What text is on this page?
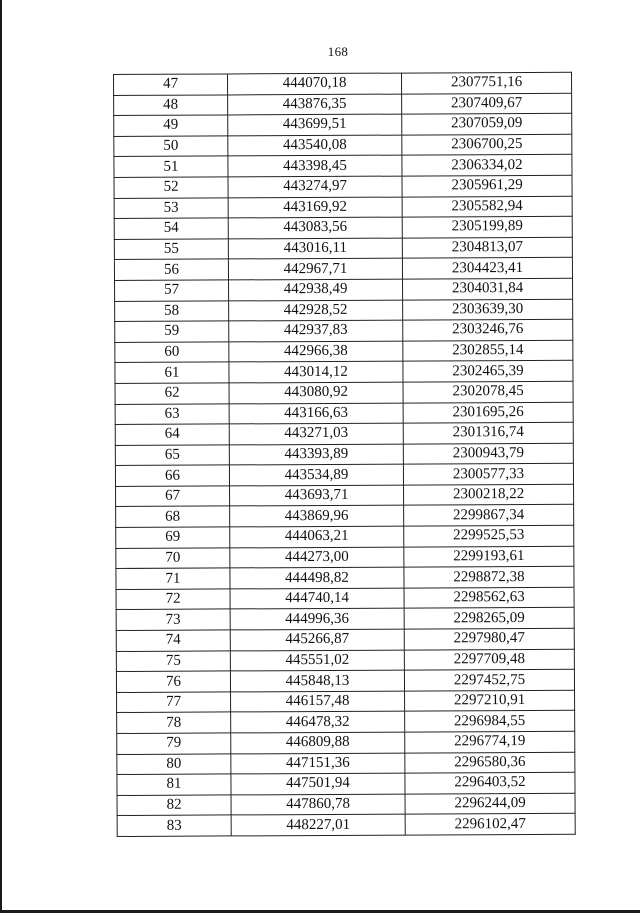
168
47	444070,18	2307751,16
48	443876,35	2307409,67
49	443699,51	2307059,09
50	443540,08	2306700,25
51	443398,45	2306334,02
52	443274,97	2305961,29
53	443169,92	2305582,94
54	443083,56	2305199,89
55	443016,11	2304813,07
56	442967,71	2304423,41
57	442938,49	2304031,84
58	442928,52	2303639,30
59	442937,83	2303246,76
60	442966,38	2302855,14
61	443014,12	2302465,39
62	443080,92	2302078,45
63	443166,63	2301695,26
64	443271,03	2301316,74
65	443393,89	2300943,79
66	443534,89	2300577,33
67	443693,71	2300218,22
68	443869,96	2299867,34
69	444063,21	2299525,53
70	444273,00	2299193,61
71	444498,82	2298872,38
72	444740,14	2298562,63
73	444996,36	2298265,09
74	445266,87	2297980,47
75	445551,02	2297709,48
76	445848,13	2297452,75
77	446157,48	2297210,91
78	446478,32	2296984,55
79	446809,88	2296774,19
80	447151,36	2296580,36
81	447501,94	2296403,52
82	447860,78	2296244,09
83	448227,01	2296102,47
